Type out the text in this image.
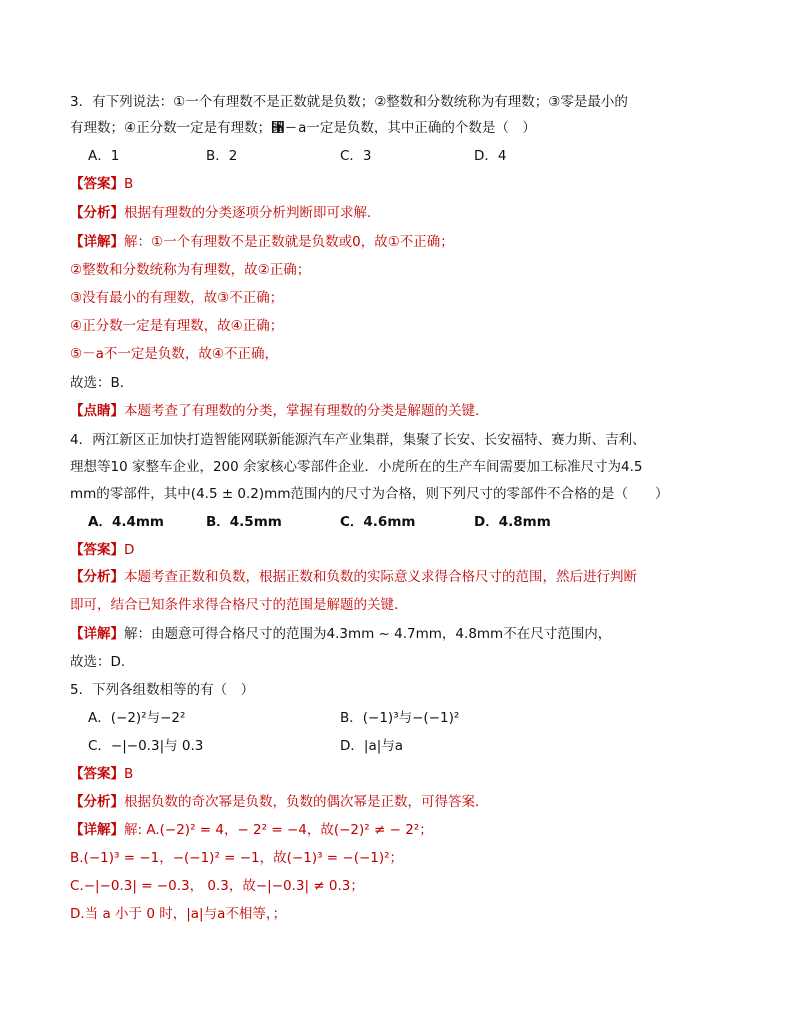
3．有下列说法：①一个有理数不是正数就是负数；②整数和分数统称为有理数；③零是最小的
有理数；④正分数一定是有理数；⑑－a一定是负数，其中正确的个数是（　）
A．1	B．2	C．3	D．4
【答案】B
【分析】根据有理数的分类逐项分析判断即可求解．
【详解】解：①一个有理数不是正数就是负数或0，故①不正确；
②整数和分数统称为有理数，故②正确；
③没有最小的有理数，故③不正确；
④正分数一定是有理数，故④正确；
⑤－a不一定是负数，故④不正确，
故选：B．
【点睛】本题考查了有理数的分类，掌握有理数的分类是解题的关键．
4．两江新区正加快打造智能网联新能源汽车产业集群，集聚了长安、长安福特、赛力斯、吉利、
理想等10 家整车企业，200 余家核心零部件企业．小虎所在的生产车间需要加工标准尺寸为4.5
mm的零部件，其中(4.5 ± 0.2)mm范围内的尺寸为合格，则下列尺寸的零部件不合格的是（　　）
A．4.4mm	B．4.5mm	C．4.6mm	D．4.8mm
【答案】D
【分析】本题考查正数和负数，根据正数和负数的实际意义求得合格尺寸的范围，然后进行判断
即可，结合已知条件求得合格尺寸的范围是解题的关键．
【详解】解：由题意可得合格尺寸的范围为4.3mm ~ 4.7mm，4.8mm不在尺寸范围内，
故选：D.
5．下列各组数相等的有（　）
A．(−2)²与−2²	B．(−1)³与−(−1)²
C．−|−0.3|与 0.3	D．|a|与a
【答案】B
【分析】根据负数的奇次幂是负数，负数的偶次幂是正数，可得答案．
【详解】解: A.(−2)² = 4，− 2² = −4，故(−2)² ≠ − 2²；
B.(−1)³ = −1，−(−1)² = −1，故(−1)³ = −(−1)²；
C.−|−0.3| = −0.3， 0.3，故−|−0.3| ≠ 0.3；
D.当 a 小于 0 时，|a|与a不相等，；
